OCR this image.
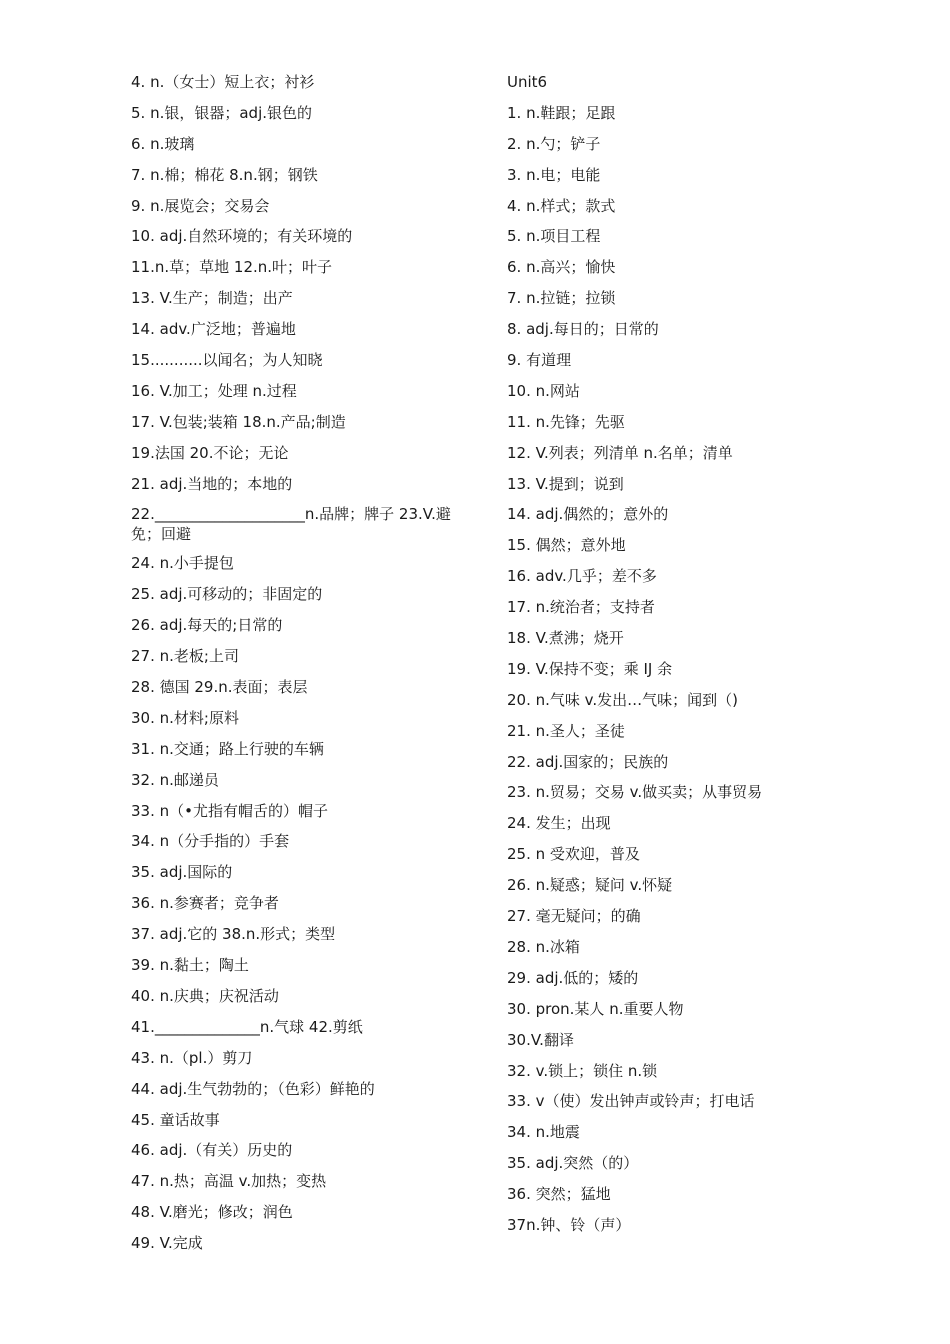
4. n.（女士）短上衣；衬衫
5. n.银，银器；adj.银色的
6. n.玻璃
7. n.棉；棉花 8.n.钢；钢铁
9. n.展览会；交易会
10. adj.自然环境的；有关环境的
11.n.草；草地 12.n.叶；叶子
13. V.生产；制造；出产
14. adv.广泛地；普遍地
15...........以闻名；为人知晓
16. V.加工；处理 n.过程
17. V.包装;装箱 18.n.产品;制造
19.法国 20.不论；无论
21. adj.当地的；本地的
22.____________________n.品牌；牌子 23.V.避免；回避
24. n.小手提包
25. adj.可移动的；非固定的
26. adj.每天的;日常的
27. n.老板;上司
28. 德国 29.n.表面；表层
30. n.材料;原料
31. n.交通；路上行驶的车辆
32. n.邮递员
33. n（•尤指有帽舌的）帽子
34. n（分手指的）手套
35. adj.国际的
36. n.参赛者；竞争者
37. adj.它的 38.n.形式；类型
39. n.黏土；陶土
40. n.庆典；庆祝活动
41.______________n.气球 42.剪纸
43. n.（pl.）剪刀
44. adj.生气勃勃的；（色彩）鲜艳的
45. 童话故事
46. adj.（有关）历史的
47. n.热；高温 v.加热；变热
48. V.磨光；修改；润色
49. V.完成
Unit6
1. n.鞋跟；足跟
2. n.勺；铲子
3. n.电；电能
4. n.样式；款式
5. n.项目工程
6. n.高兴；愉快
7. n.拉链；拉锁
8. adj.每日的；日常的
9. 有道理
10. n.网站
11. n.先锋；先驱
12. V.列表；列清单 n.名单；清单
13. V.提到；说到
14. adj.偶然的；意外的
15. 偶然；意外地
16. adv.几乎；差不多
17. n.统治者；支持者
18. V.煮沸；烧开
19. V.保持不变；乘 IJ 余
20. n.气味 v.发出…气味；闻到（)
21. n.圣人；圣徒
22. adj.国家的；民族的
23. n.贸易；交易 v.做买卖；从事贸易
24. 发生；出现
25. n 受欢迎，普及
26. n.疑惑；疑问 v.怀疑
27. 毫无疑问；的确
28. n.冰箱
29. adj.低的；矮的
30. pron.某人 n.重要人物
30.V.翻译
32. v.锁上；锁住 n.锁
33. v（使）发出钟声或铃声；打电话
34. n.地震
35. adj.突然（的）
36. 突然；猛地
37n.钟、铃（声）
